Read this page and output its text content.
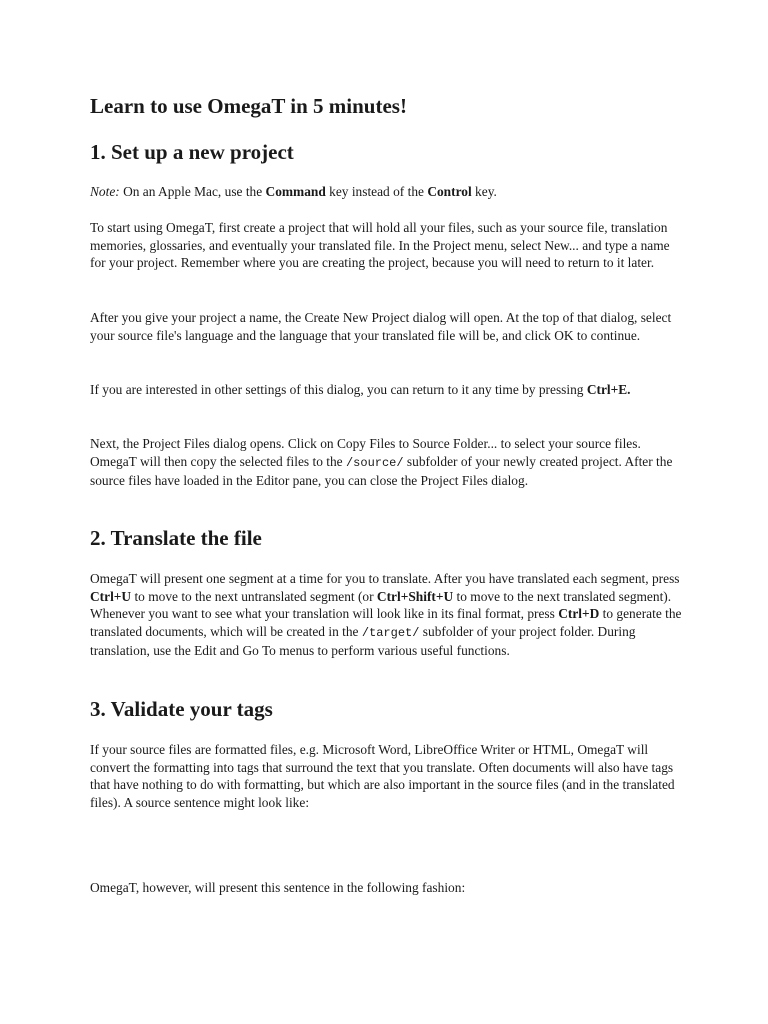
Learn to use OmegaT in 5 minutes!
1. Set up a new project

Note: On an Apple Mac, use the Command key instead of the Control key.

To start using OmegaT, first create a project that will hold all your files, such as your source file, translation memories, glossaries, and eventually your translated file. In the Project menu, select New... and type a name for your project. Remember where you are creating the project, because you will need to return to it later.

After you give your project a name, the Create New Project dialog will open. At the top of that dialog, select your source file's language and the language that your translated file will be, and click OK to continue.

If you are interested in other settings of this dialog, you can return to it any time by pressing Ctrl+E.

Next, the Project Files dialog opens. Click on Copy Files to Source Folder... to select your source files. OmegaT will then copy the selected files to the /source/ subfolder of your newly created project. After the source files have loaded in the Editor pane, you can close the Project Files dialog.

2. Translate the file

OmegaT will present one segment at a time for you to translate. After you have translated each segment, press Ctrl+U to move to the next untranslated segment (or Ctrl+Shift+U to move to the next translated segment). Whenever you want to see what your translation will look like in its final format, press Ctrl+D to generate the translated documents, which will be created in the /target/ subfolder of your project folder. During translation, use the Edit and Go To menus to perform various useful functions.

3. Validate your tags

If your source files are formatted files, e.g. Microsoft Word, LibreOffice Writer or HTML, OmegaT will convert the formatting into tags that surround the text that you translate. Often documents will also have tags that have nothing to do with formatting, but which are also important in the source files (and in the translated files). A source sentence might look like:

OmegaT, however, will present this sentence in the following fashion:
